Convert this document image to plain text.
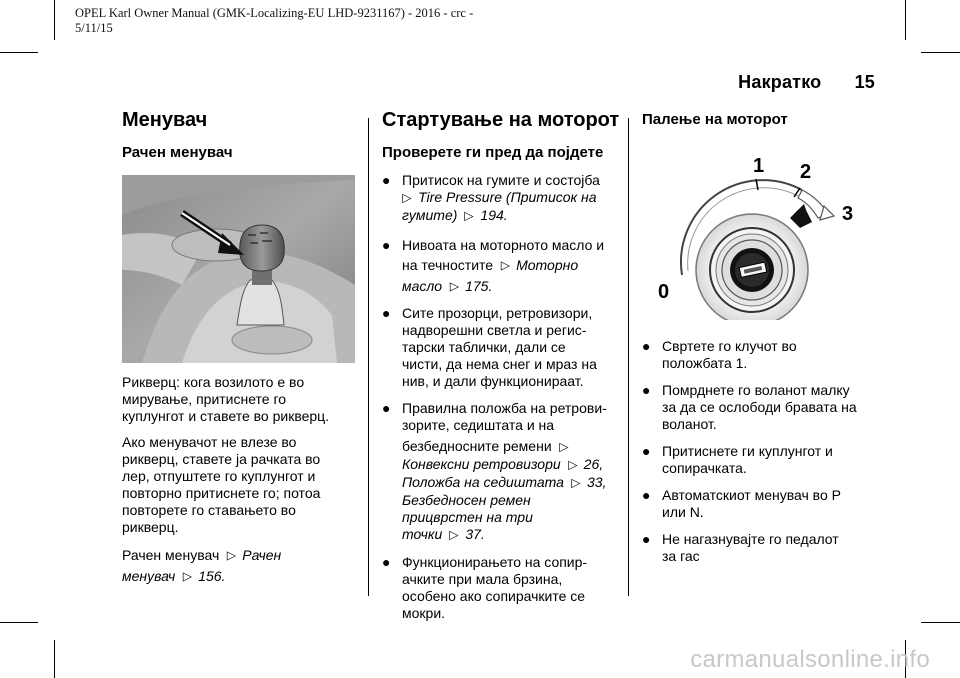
OPEL Karl Owner Manual (GMK-Localizing-EU LHD-9231167) - 2016 - crc -
5/11/15
Накратко 15
Менувач
Рачен менувач
Рикверц: кога возилото е во
мирување, притиснете го
куплунгот и ставете во рикверц.
Ако менувачот не влезе во
рикверц, ставете ја рачката во
лер, отпуштете го куплунгот и
повторно притиснете го; потоа
повторете го ставањето во
рикверц.
Рачен менувач ▽ Рачен
менувач ▽ 156.
Стартување на моторот
Проверете ги пред да појдете
● Притисок на гумите и состојба
▽ Tire Pressure (Притисок на
гумите) ▽ 194.
● Нивоата на моторното масло и
на течностите ▽ Моторно
масло ▽ 175.
● Сите прозорци, ретровизори,
надворешни светла и регис-
тарски таблички, дали се
чисти, да нема снег и мраз на
нив, и дали функционираат.
● Правилна положба на ретрови-
зорите, седиштата и на
безбедносните ремени ▽
Конвексни ретровизори ▽ 26,
Положба на седиштата ▽ 33,
Безбедносен ремен
прицврстен на три
точки ▽ 37.
● Функционирањето на сопир-
ачките при мала брзина,
особено ако сопирачките се
мокри.
Палење на моторот
0
1 2
3
● Свртете го клучот во
положбата 1.
● Помрднете го воланот малку
за да се ослободи бравата на
воланот.
● Притиснете ги куплунгот и
сопирачката.
● Автоматскиот менувач во P
или N.
● Не нагазнувајте го педалот
за гас
carmanualsonline.info
